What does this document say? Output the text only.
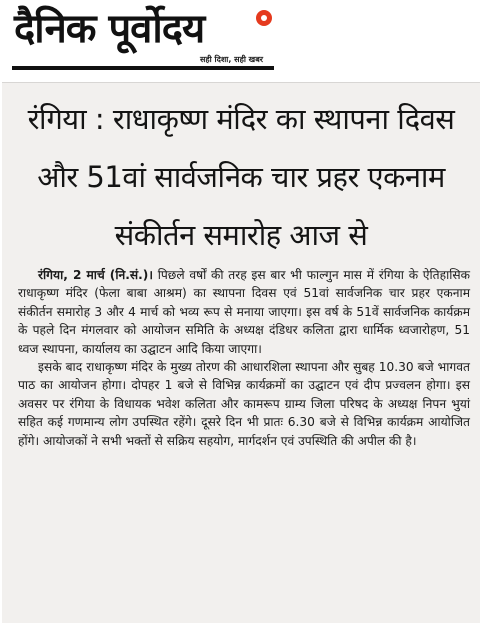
दैनिक पूर्वोदय
सही दिशा, सही खबर
रंगिया : राधाकृष्ण मंदिर का स्थापना दिवस
और 51वां सार्वजनिक चार प्रहर एकनाम
संकीर्तन समारोह आज से

रंगिया, 2 मार्च (नि.सं.)। पिछले वर्षों की तरह इस बार भी फाल्गुन मास में रंगिया के ऐतिहासिक राधाकृष्ण मंदिर (फेला बाबा आश्रम) का स्थापना दिवस एवं 51वां सार्वजनिक चार प्रहर एकनाम संकीर्तन समारोह 3 और 4 मार्च को भव्य रूप से मनाया जाएगा। इस वर्ष के 51वें सार्वजनिक कार्यक्रम के पहले दिन मंगलवार को आयोजन समिति के अध्यक्ष दंडिधर कलिता द्वारा धार्मिक ध्वजारोहण, 51 ध्वज स्थापना, कार्यालय का उद्घाटन आदि किया जाएगा।

इसके बाद राधाकृष्ण मंदिर के मुख्य तोरण की आधारशिला स्थापना और सुबह 10.30 बजे भागवत पाठ का आयोजन होगा। दोपहर 1 बजे से विभिन्न कार्यक्रमों का उद्घाटन एवं दीप प्रज्वलन होगा। इस अवसर पर रंगिया के विधायक भवेश कलिता और कामरूप ग्राम्य जिला परिषद के अध्यक्ष निपन भुयां सहित कई गणमान्य लोग उपस्थित रहेंगे। दूसरे दिन भी प्रातः 6.30 बजे से विभिन्न कार्यक्रम आयोजित होंगे। आयोजकों ने सभी भक्तों से सक्रिय सहयोग, मार्गदर्शन एवं उपस्थिति की अपील की है।
